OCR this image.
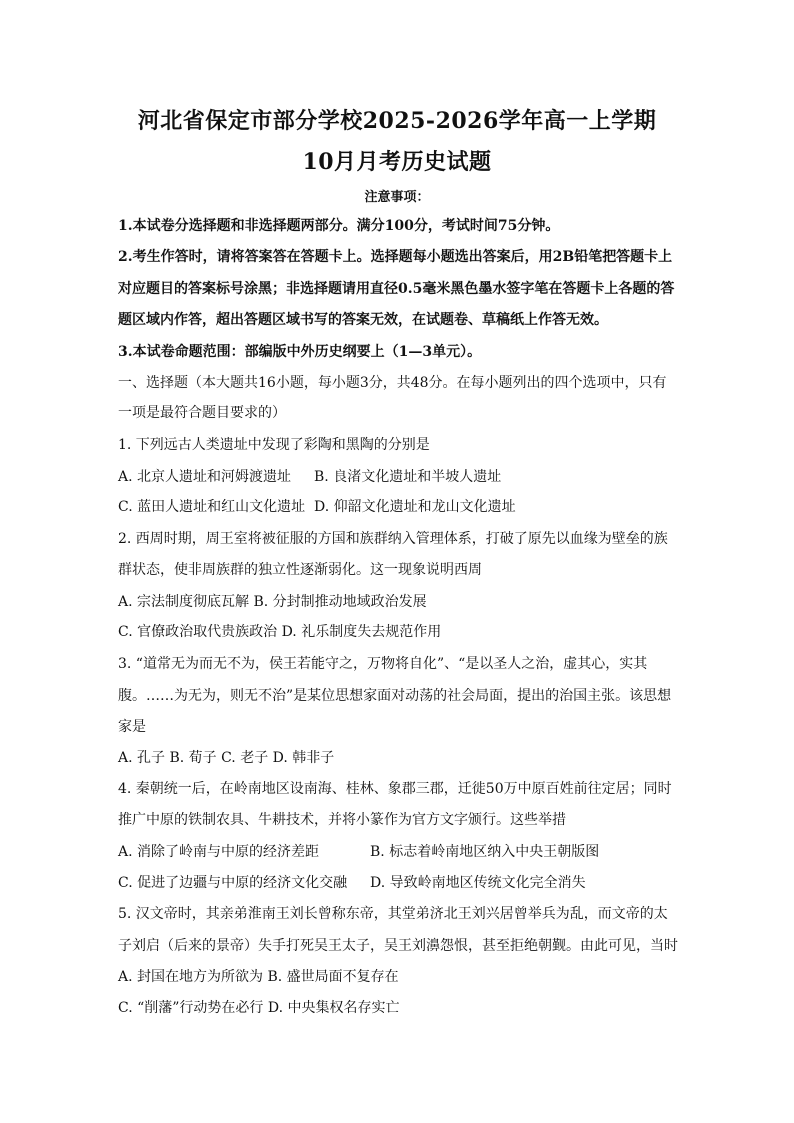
河北省保定市部分学校2025-2026学年高一上学期
10月月考历史试题
注意事项：
1.本试卷分选择题和非选择题两部分。满分100分，考试时间75分钟。
2.考生作答时，请将答案答在答题卡上。选择题每小题选出答案后，用2B铅笔把答题卡上
对应题目的答案标号涂黑；非选择题请用直径0.5毫米黑色墨水签字笔在答题卡上各题的答
题区域内作答，超出答题区域书写的答案无效，在试题卷、草稿纸上作答无效。
3.本试卷命题范围：部编版中外历史纲要上（1—3单元）。
一、选择题（本大题共16小题，每小题3分，共48分。在每小题列出的四个选项中，只有
一项是最符合题目要求的）
1. 下列远古人类遗址中发现了彩陶和黑陶的分别是
A. 北京人遗址和河姆渡遗址 B. 良渚文化遗址和半坡人遗址
C. 蓝田人遗址和红山文化遗址 D. 仰韶文化遗址和龙山文化遗址
2. 西周时期，周王室将被征服的方国和族群纳入管理体系，打破了原先以血缘为壁垒的族
群状态，使非周族群的独立性逐渐弱化。这一现象说明西周
A. 宗法制度彻底瓦解 B. 分封制推动地域政治发展
C. 官僚政治取代贵族政治 D. 礼乐制度失去规范作用
3. “道常无为而无不为，侯王若能守之，万物将自化”、“是以圣人之治，虚其心，实其
腹。……为无为，则无不治”是某位思想家面对动荡的社会局面，提出的治国主张。该思想
家是
A. 孔子 B. 荀子 C. 老子 D. 韩非子
4. 秦朝统一后，在岭南地区设南海、桂林、象郡三郡，迁徙50万中原百姓前往定居；同时
推广中原的铁制农具、牛耕技术，并将小篆作为官方文字颁行。这些举措
A. 消除了岭南与中原的经济差距	B. 标志着岭南地区纳入中央王朝版图
C. 促进了边疆与中原的经济文化交融 D. 导致岭南地区传统文化完全消失
5. 汉文帝时，其亲弟淮南王刘长曾称东帝，其堂弟济北王刘兴居曾举兵为乱，而文帝的太
子刘启（后来的景帝）失手打死吴王太子，吴王刘濞怨恨，甚至拒绝朝觐。由此可见，当时
A. 封国在地方为所欲为 B. 盛世局面不复存在
C. “削藩”行动势在必行 D. 中央集权名存实亡
